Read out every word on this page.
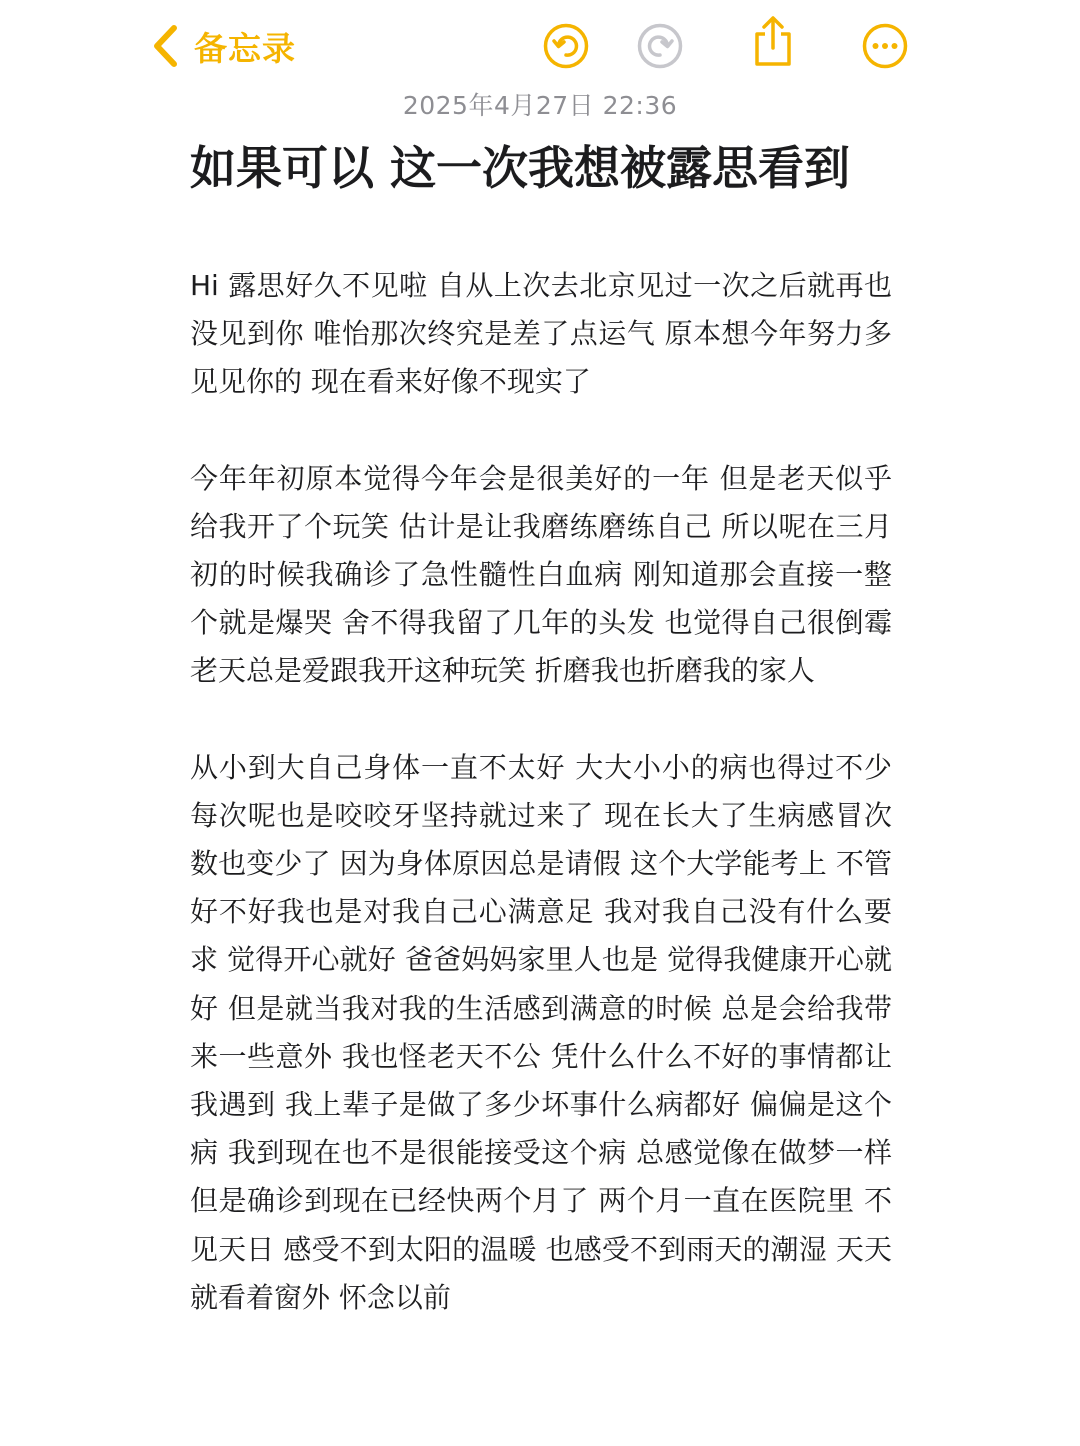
备忘录
2025年4月27日 22:36
如果可以 这一次我想被露思看到

Hi 露思好久不见啦 自从上次去北京见过一次之后就再也没见到你 唯怡那次终究是差了点运气 原本想今年努力多见见你的 现在看来好像不现实了

今年年初原本觉得今年会是很美好的一年 但是老天似乎给我开了个玩笑 估计是让我磨练磨练自己 所以呢在三月初的时候我确诊了急性髓性白血病 刚知道那会直接一整个就是爆哭 舍不得我留了几年的头发 也觉得自己很倒霉 老天总是爱跟我开这种玩笑 折磨我也折磨我的家人

从小到大自己身体一直不太好 大大小小的病也得过不少 每次呢也是咬咬牙坚持就过来了 现在长大了生病感冒次数也变少了 因为身体原因总是请假 这个大学能考上 不管好不好我也是对我自己心满意足 我对我自己没有什么要求 觉得开心就好 爸爸妈妈家里人也是 觉得我健康开心就好 但是就当我对我的生活感到满意的时候 总是会给我带来一些意外 我也怪老天不公 凭什么什么不好的事情都让我遇到 我上辈子是做了多少坏事什么病都好 偏偏是这个病 我到现在也不是很能接受这个病 总感觉像在做梦一样 但是确诊到现在已经快两个月了 两个月一直在医院里 不见天日 感受不到太阳的温暖 也感受不到雨天的潮湿 天天就看着窗外 怀念以前
